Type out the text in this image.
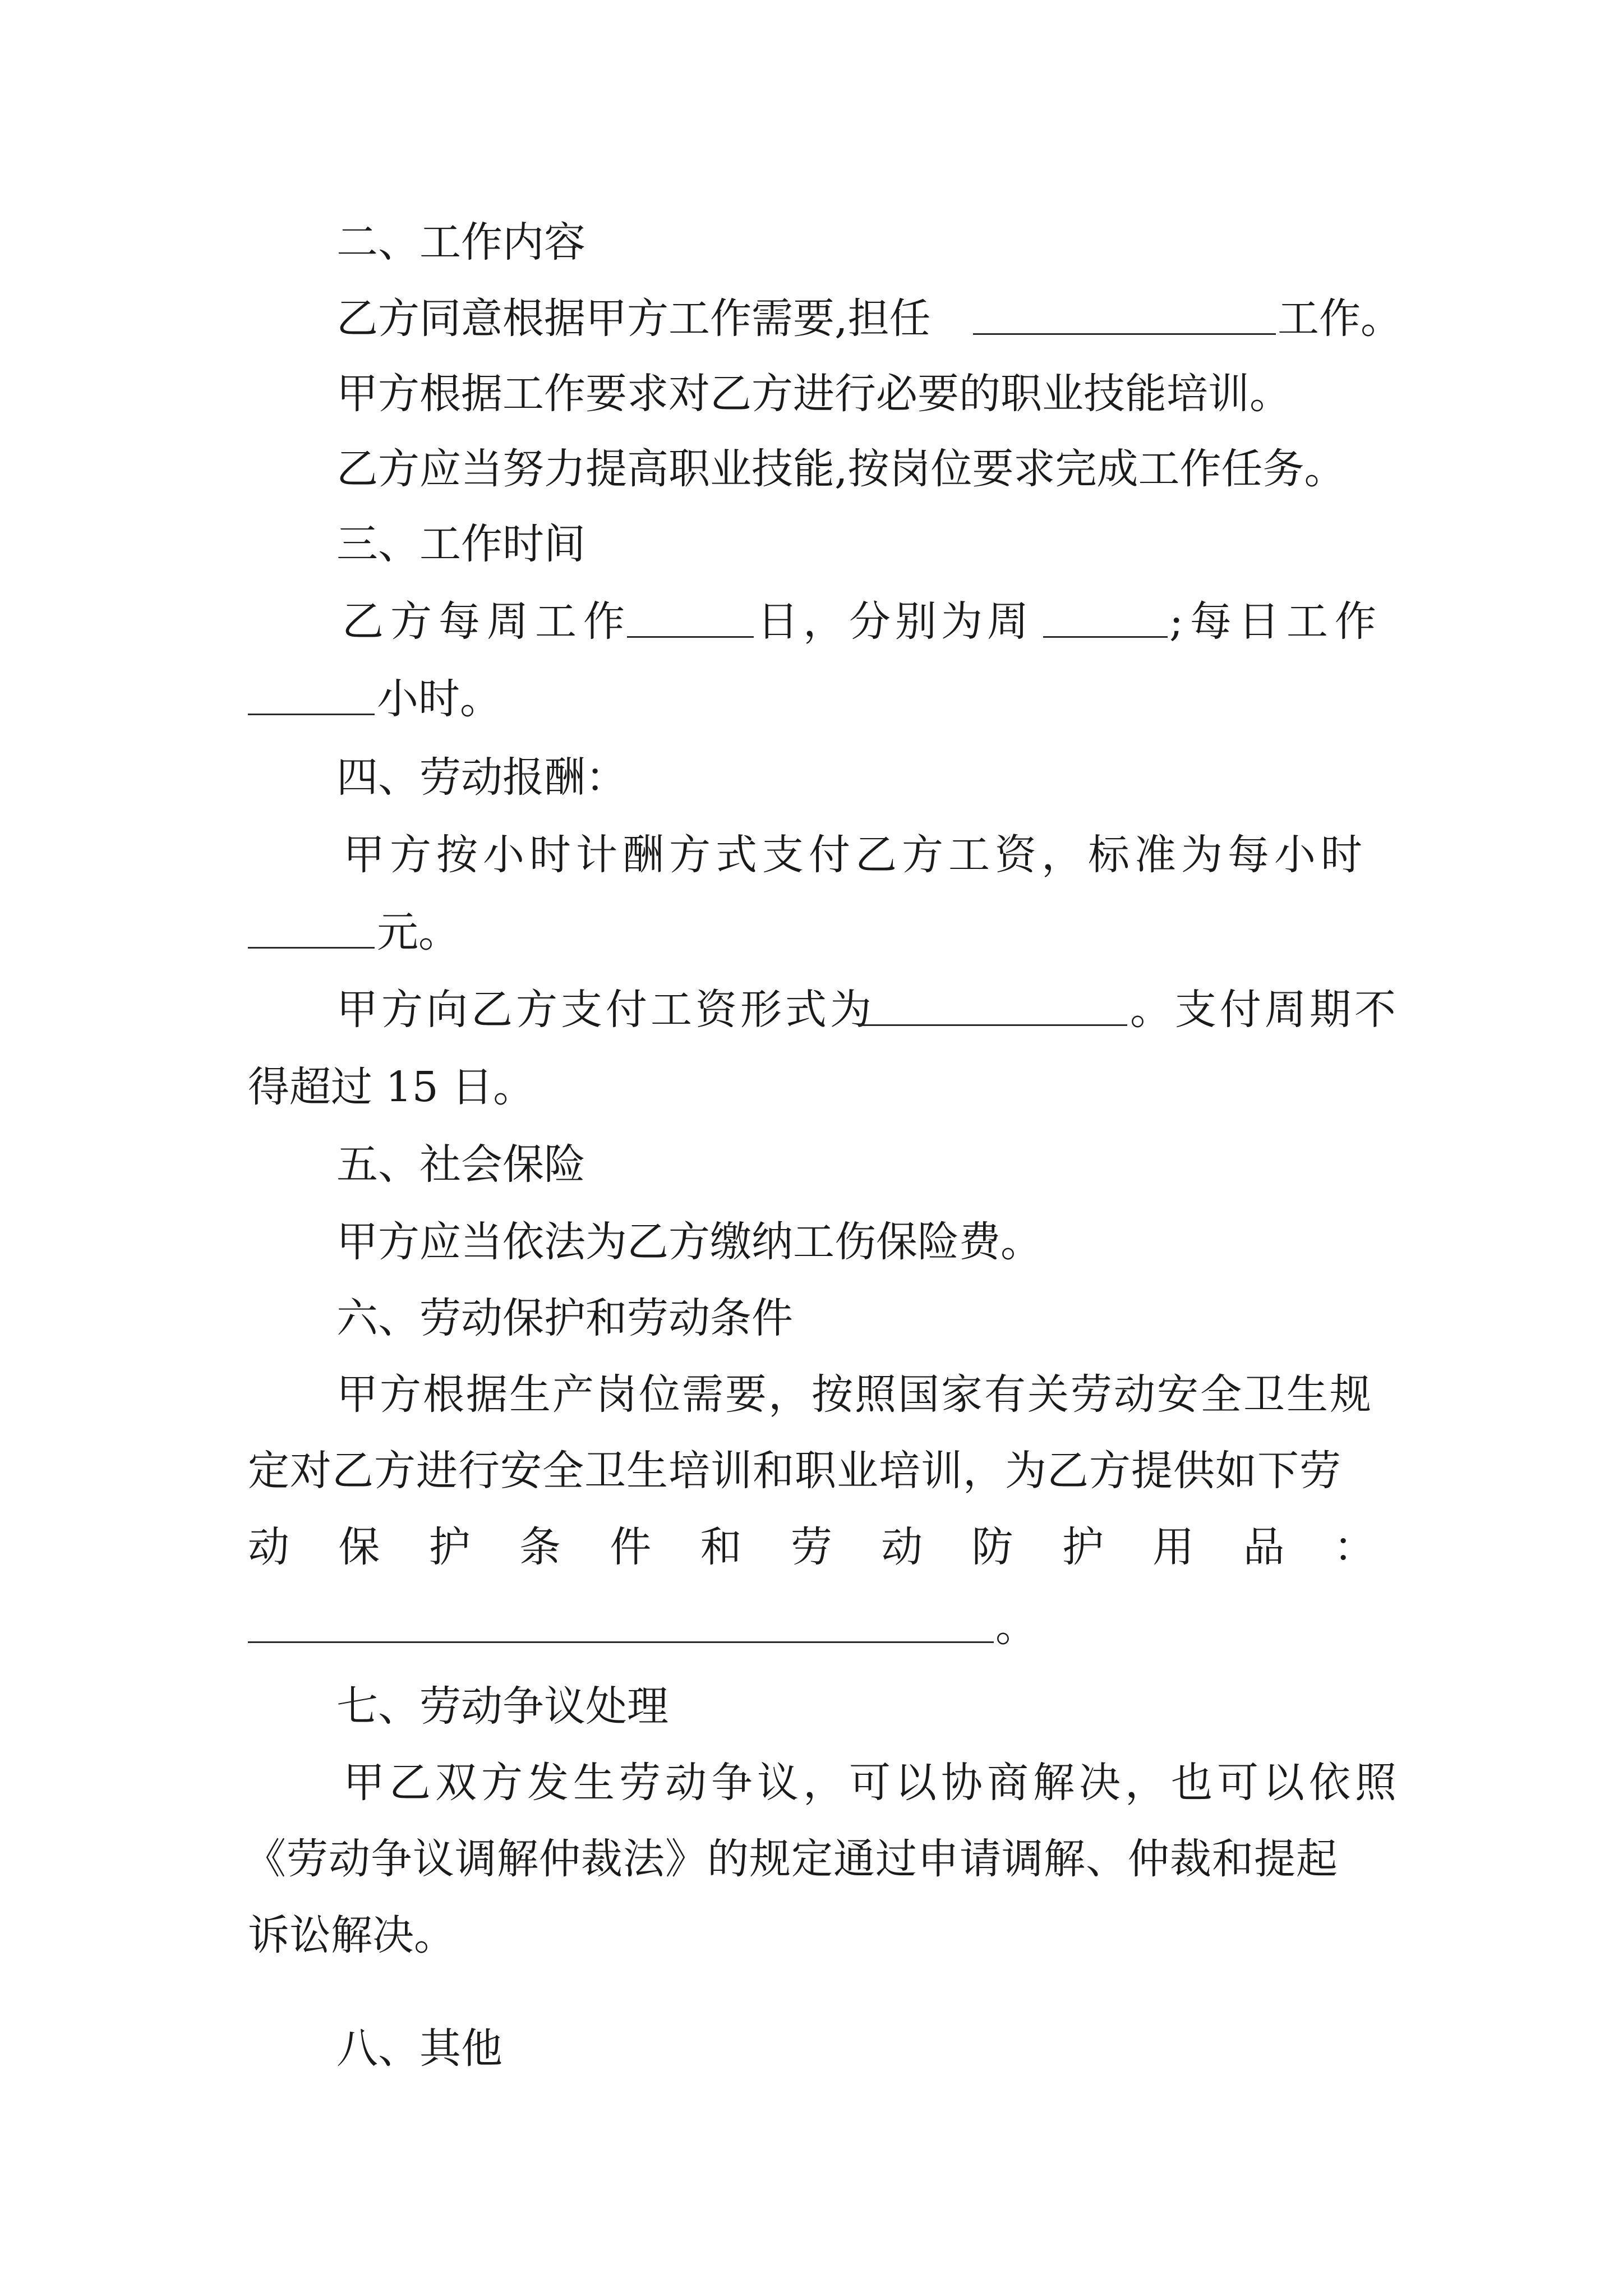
二、工作内容
乙方同意根据甲方工作需要,担任	工作。
甲方根据工作要求对乙方进行必要的职业技能培训。
乙方应当努力提高职业技能,按岗位要求完成工作任务。
三、工作时间
乙方每周工作	日，分别为周	;每日工作
小时。
四、劳动报酬：
甲方按小时计酬方式支付乙方工资，标准为每小时
元。
甲方向乙方支付工资形式为	。支付周期不
得超过 15 日。
五、社会保险
甲方应当依法为乙方缴纳工伤保险费。
六、劳动保护和劳动条件
甲方根据生产岗位需要，按照国家有关劳动安全卫生规
定对乙方进行安全卫生培训和职业培训，为乙方提供如下劳
动 保 护 条 件 和 劳 动 防 护 用 品 ：
。
七、劳动争议处理
甲乙双方发生劳动争议，可以协商解决，也可以依照
《劳动争议调解仲裁法》的规定通过申请调解、仲裁和提起
诉讼解决。
八、其他
